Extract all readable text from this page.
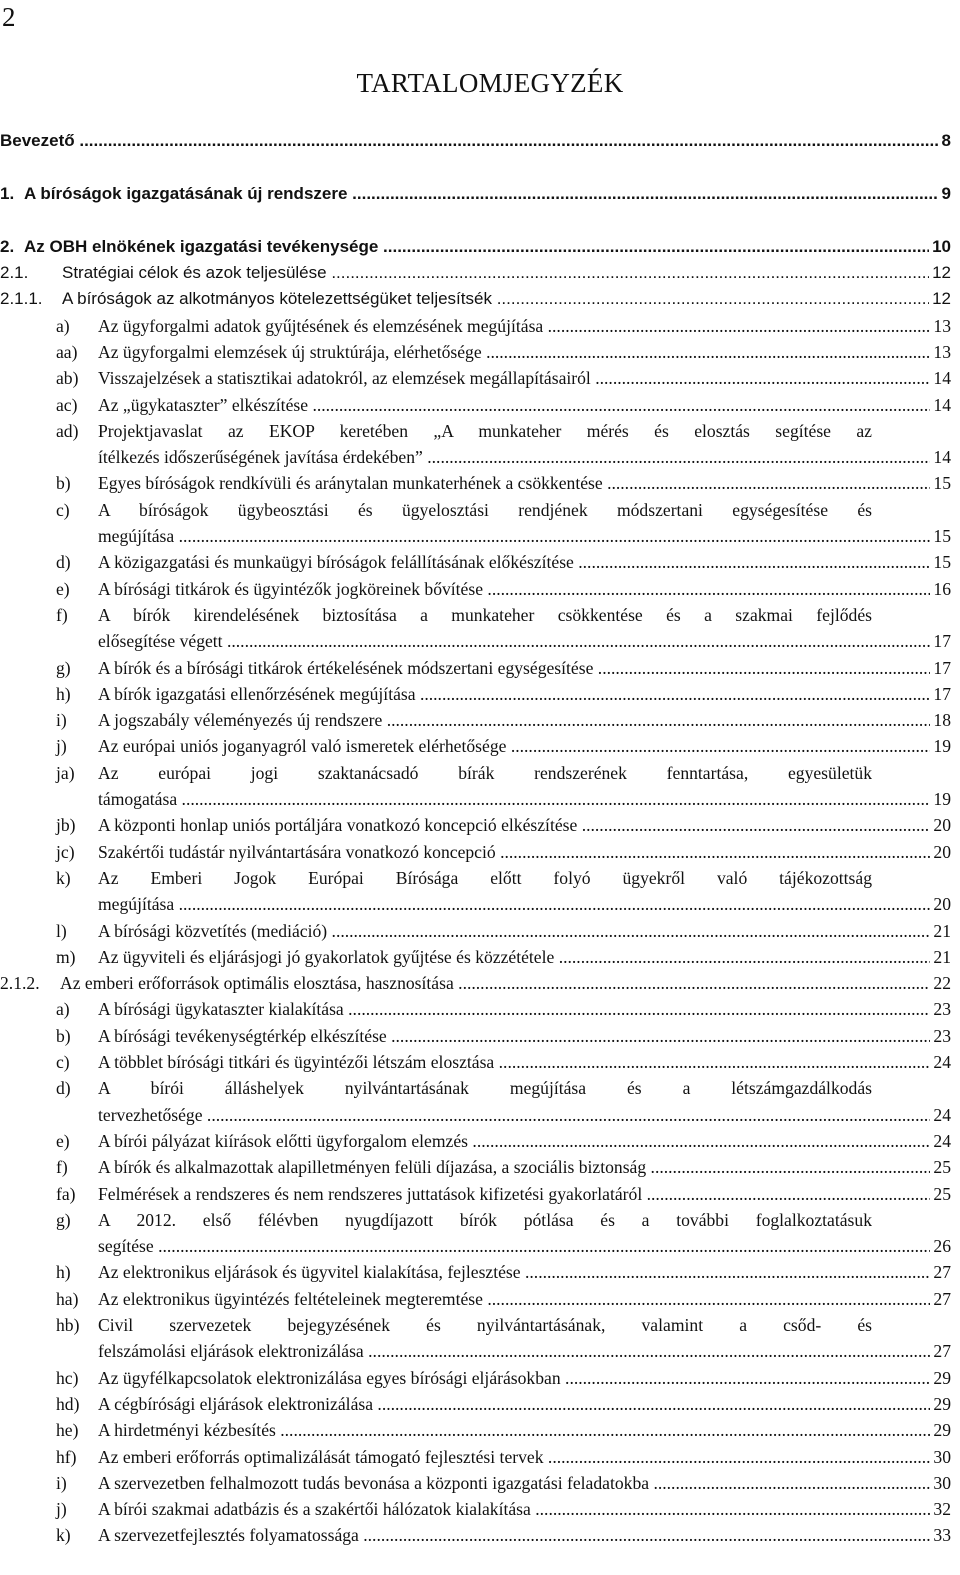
2
TARTALOMJEGYZÉK
Bevezető .....	8
1. A bíróságok igazgatásának új rendszere .....	9
2. Az OBH elnökének igazgatási tevékenysége .....	10
2.1. Stratégiai célok és azok teljesülése .....	12
2.1.1. A bíróságok az alkotmányos kötelezettségüket teljesítsék .....	12
a) Az ügyforgalmi adatok gyűjtésének és elemzésének megújítása .....	13
aa) Az ügyforgalmi elemzések új struktúrája, elérhetősége .....	13
ab) Visszajelzések a statisztikai adatokról, az elemzések megállapításairól .....	14
ac) Az „ügykataszter” elkészítése .....	14
ad) Projektjavaslat az EKOP keretében „A munkateher mérés és elosztás segítése az
ítélkezés időszerűségének javítása érdekében” .....	14
b) Egyes bíróságok rendkívüli és aránytalan munkaterhének a csökkentése .....	15
c) A bíróságok ügybeosztási és ügyelosztási rendjének módszertani egységesítése és
megújítása .....	15
d) A közigazgatási és munkaügyi bíróságok felállításának előkészítése .....	15
e) A bírósági titkárok és ügyintézők jogköreinek bővítése .....	16
f) A bírók kirendelésének biztosítása a munkateher csökkentése és a szakmai fejlődés
elősegítése végett .....	17
g) A bírók és a bírósági titkárok értékelésének módszertani egységesítése .....	17
h) A bírók igazgatási ellenőrzésének megújítása .....	17
i) A jogszabály véleményezés új rendszere .....	18
j) Az európai uniós joganyagról való ismeretek elérhetősége .....	19
ja) Az európai jogi szaktanácsadó bírák rendszerének fenntartása, egyesületük
támogatása .....	19
jb) A központi honlap uniós portáljára vonatkozó koncepció elkészítése .....	20
jc) Szakértői tudástár nyilvántartására vonatkozó koncepció .....	20
k) Az Emberi Jogok Európai Bírósága előtt folyó ügyekről való tájékozottság
megújítása .....	20
l) A bírósági közvetítés (mediáció) .....	21
m) Az ügyviteli és eljárásjogi jó gyakorlatok gyűjtése és közzététele .....	21
2.1.2. Az emberi erőforrások optimális elosztása, hasznosítása .....	22
a) A bírósági ügykataszter kialakítása .....	23
b) A bírósági tevékenységtérkép elkészítése .....	23
c) A többlet bírósági titkári és ügyintézői létszám elosztása .....	24
d) A bírói álláshelyek nyilvántartásának megújítása és a létszámgazdálkodás
tervezhetősége .....	24
e) A bírói pályázat kiírások előtti ügyforgalom elemzés .....	24
f) A bírók és alkalmazottak alapilletményen felüli díjazása, a szociális biztonság .....	25
fa) Felmérések a rendszeres és nem rendszeres juttatások kifizetési gyakorlatáról .....	25
g) A 2012. első félévben nyugdíjazott bírók pótlása és a további foglalkoztatásuk
segítése .....	26
h) Az elektronikus eljárások és ügyvitel kialakítása, fejlesztése .....	27
ha) Az elektronikus ügyintézés feltételeinek megteremtése .....	27
hb) Civil szervezetek bejegyzésének és nyilvántartásának, valamint a csőd- és
felszámolási eljárások elektronizálása .....	27
hc) Az ügyfélkapcsolatok elektronizálása egyes bírósági eljárásokban .....	29
hd) A cégbírósági eljárások elektronizálása .....	29
he) A hirdetményi kézbesítés .....	29
hf) Az emberi erőforrás optimalizálását támogató fejlesztési tervek .....	30
i) A szervezetben felhalmozott tudás bevonása a központi igazgatási feladatokba .....	30
j) A bírói szakmai adatbázis és a szakértői hálózatok kialakítása .....	32
k) A szervezetfejlesztés folyamatossága .....	33
